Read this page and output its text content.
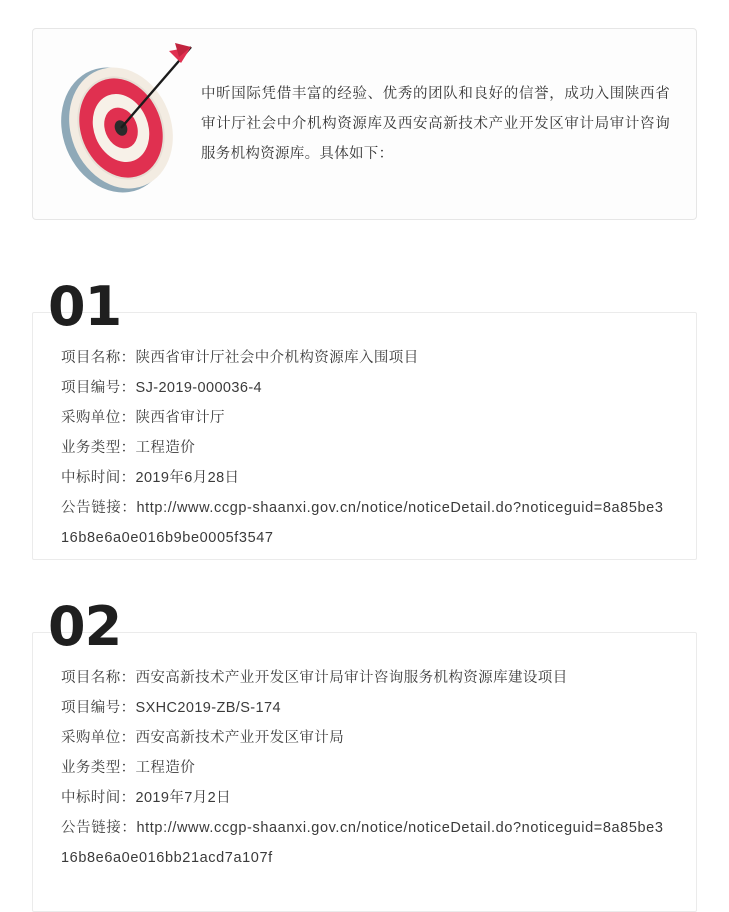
中昕国际凭借丰富的经验、优秀的团队和良好的信誉，成功入围陕西省审计厅社会中介机构资源库及西安高新技术产业开发区审计局审计咨询服务机构资源库。具体如下：
01
项目名称：陕西省审计厅社会中介机构资源库入围项目
项目编号：SJ-2019-000036-4
采购单位：陕西省审计厅
业务类型：工程造价
中标时间：2019年6月28日
公告链接：http://www.ccgp-shaanxi.gov.cn/notice/noticeDetail.do?noticeguid=8a85be316b8e6a0e016b9be0005f3547
02
项目名称：西安高新技术产业开发区审计局审计咨询服务机构资源库建设项目
项目编号：SXHC2019-ZB/S-174
采购单位：西安高新技术产业开发区审计局
业务类型：工程造价
中标时间：2019年7月2日
公告链接：http://www.ccgp-shaanxi.gov.cn/notice/noticeDetail.do?noticeguid=8a85be316b8e6a0e016bb21acd7a107f
